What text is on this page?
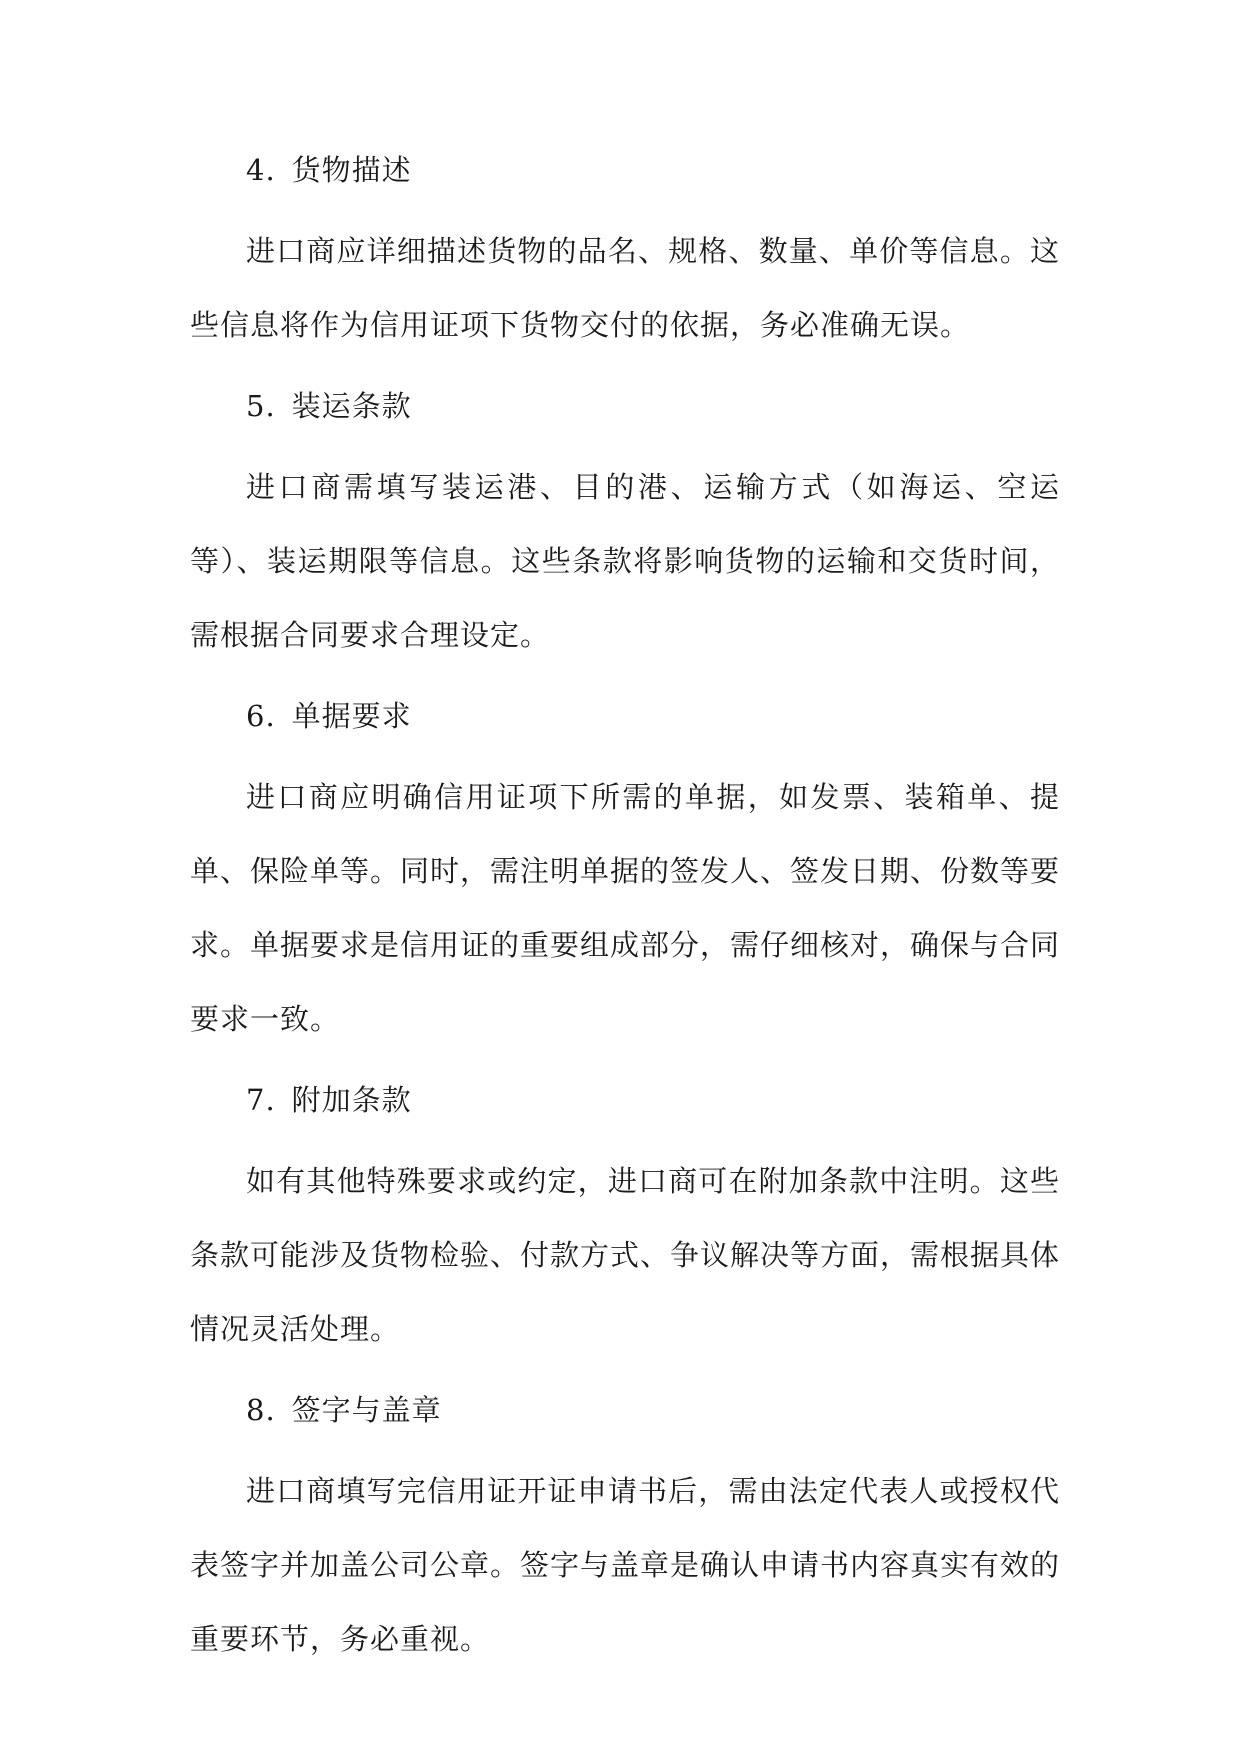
4. 货物描述

进口商应详细描述货物的品名、规格、数量、单价等信息。这些信息将作为信用证项下货物交付的依据，务必准确无误。

5. 装运条款

进口商需填写装运港、目的港、运输方式（如海运、空运等）、装运期限等信息。这些条款将影响货物的运输和交货时间，需根据合同要求合理设定。

6. 单据要求

进口商应明确信用证项下所需的单据，如发票、装箱单、提单、保险单等。同时，需注明单据的签发人、签发日期、份数等要求。单据要求是信用证的重要组成部分，需仔细核对，确保与合同要求一致。

7. 附加条款

如有其他特殊要求或约定，进口商可在附加条款中注明。这些条款可能涉及货物检验、付款方式、争议解决等方面，需根据具体情况灵活处理。

8. 签字与盖章

进口商填写完信用证开证申请书后，需由法定代表人或授权代表签字并加盖公司公章。签字与盖章是确认申请书内容真实有效的重要环节，务必重视。
